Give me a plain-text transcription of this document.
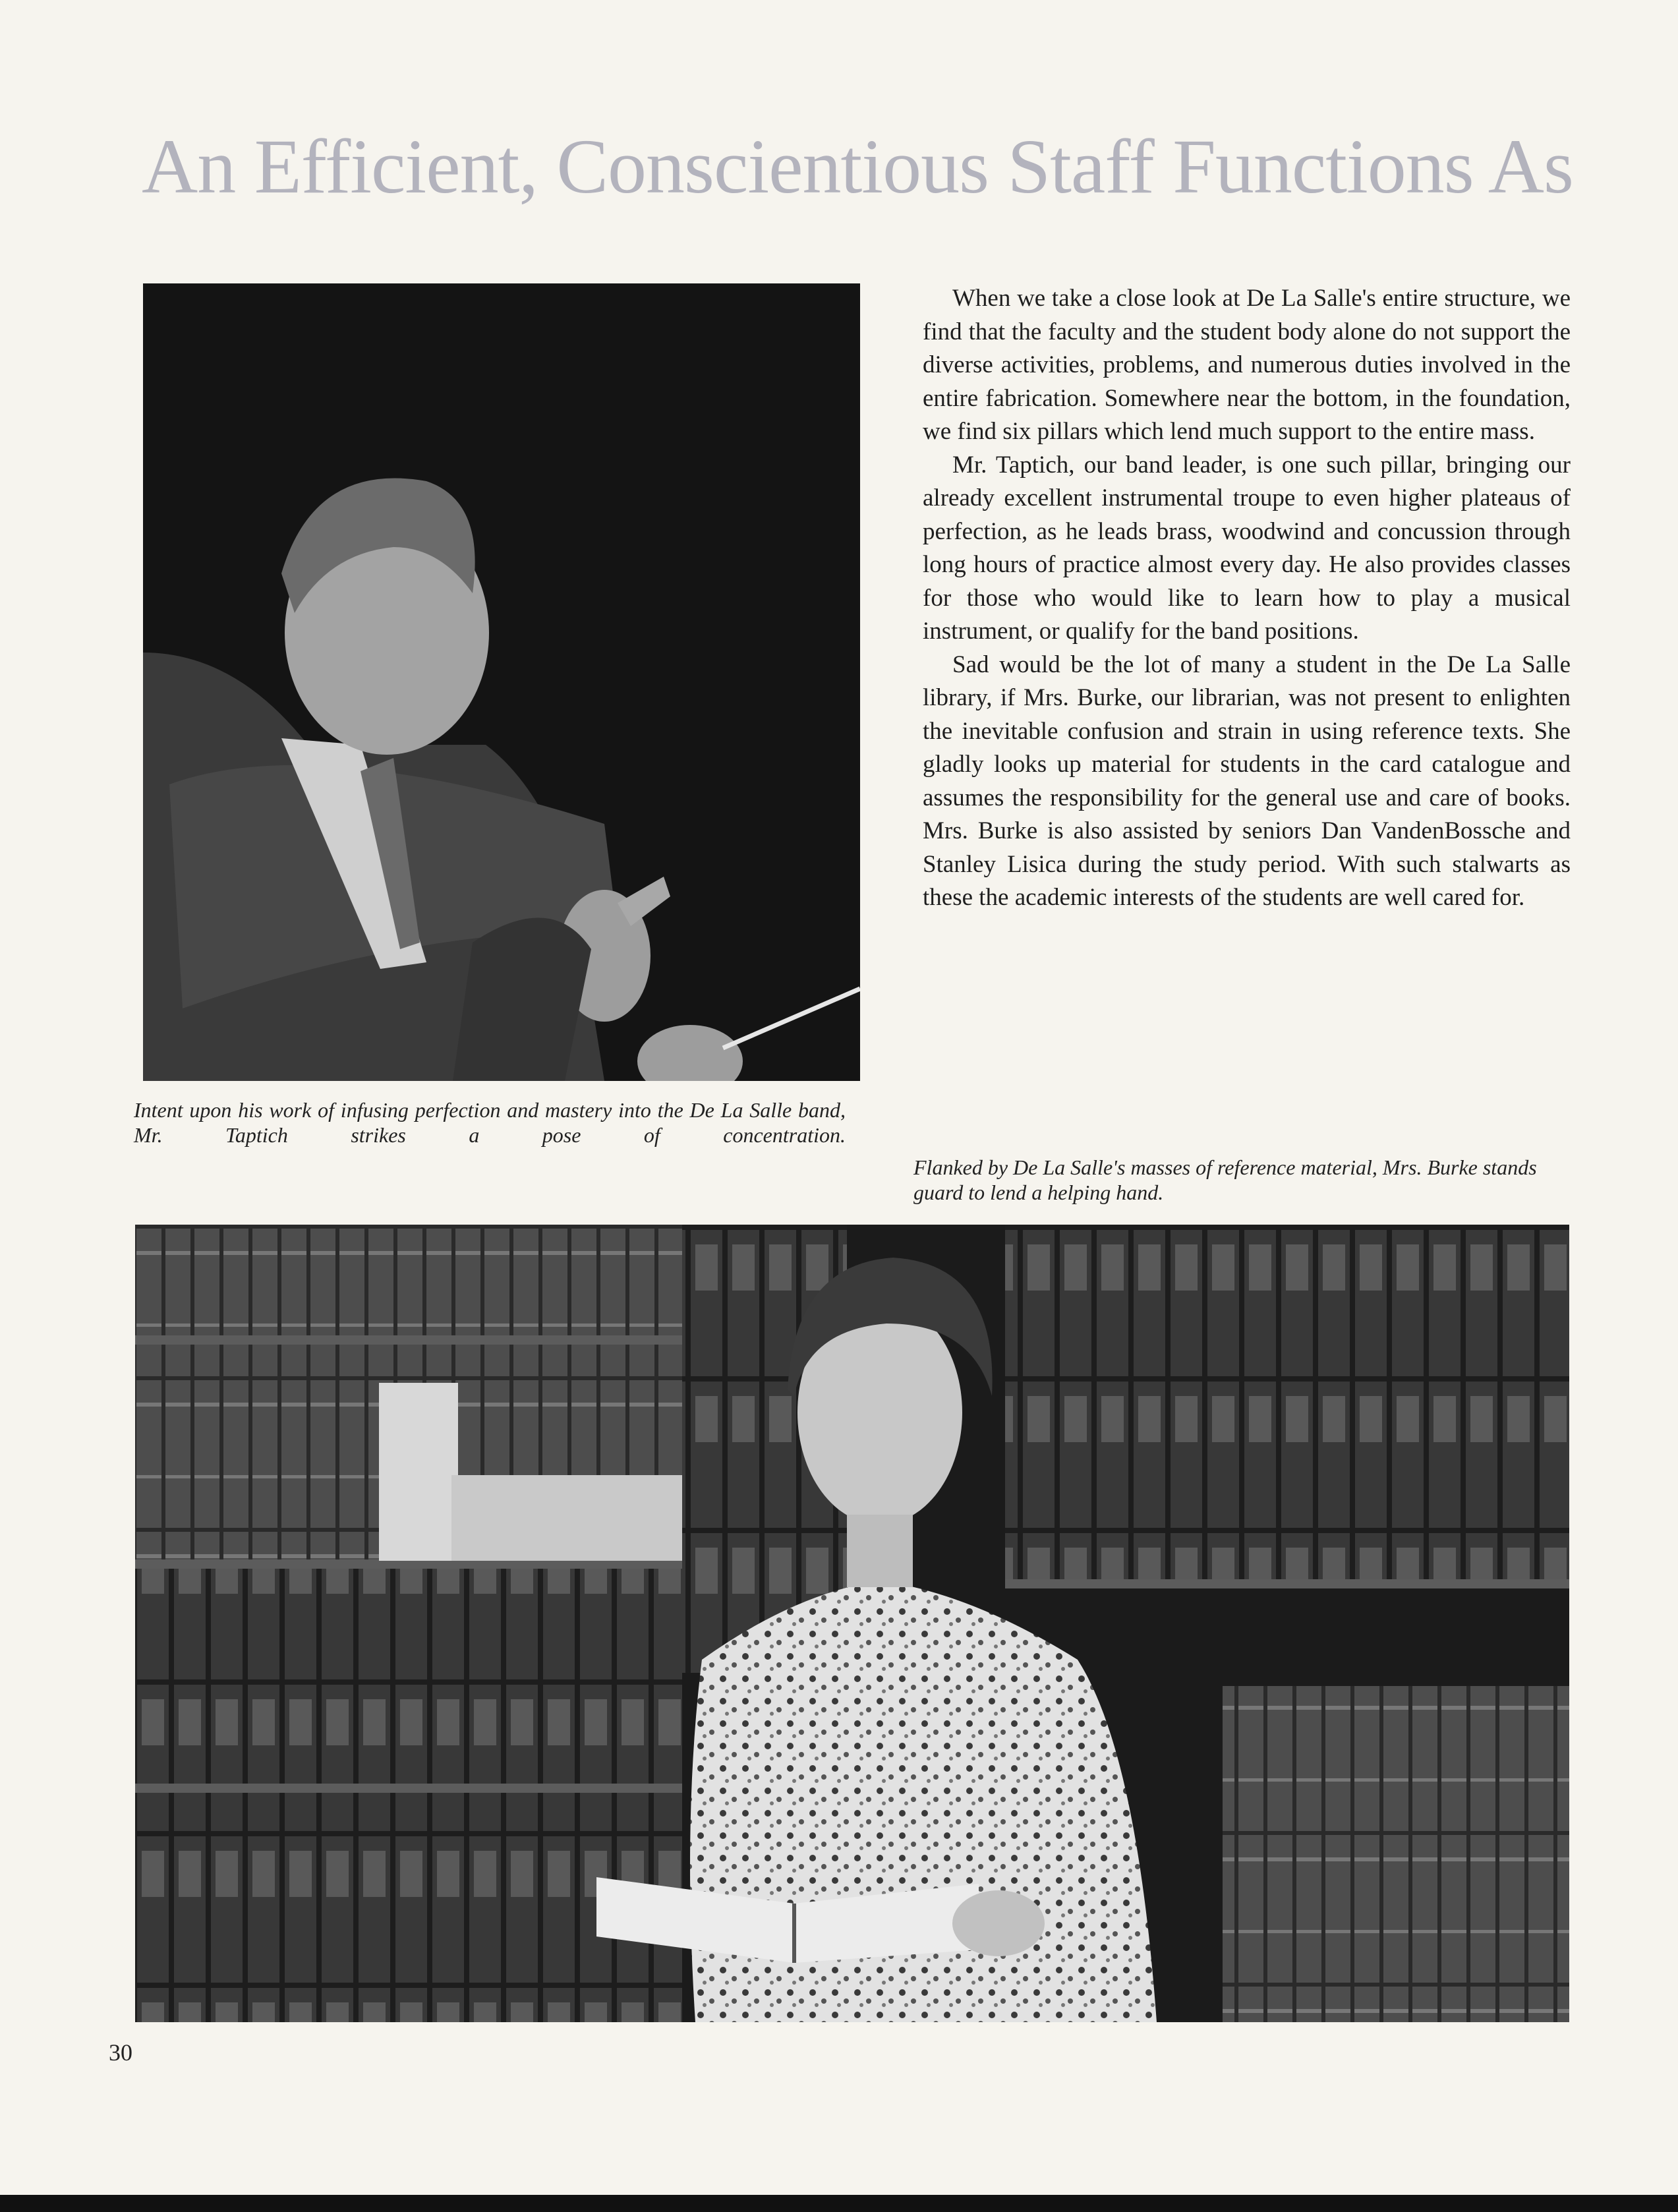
An Efficient, Conscientious Staff Functions As

When we take a close look at De La Salle's entire structure, we find that the faculty and the student body alone do not support the diverse activities, problems, and numerous duties involved in the entire fabrication. Somewhere near the bottom, in the foundation, we find six pillars which lend much support to the entire mass.

Mr. Taptich, our band leader, is one such pillar, bringing our already excellent instrumental troupe to even higher plateaus of perfection, as he leads brass, woodwind and concussion through long hours of practice almost every day. He also provides classes for those who would like to learn how to play a musical instrument, or qualify for the band positions.

Sad would be the lot of many a student in the De La Salle library, if Mrs. Burke, our librarian, was not present to enlighten the inevitable confusion and strain in using reference texts. She gladly looks up material for students in the card catalogue and assumes the responsibility for the general use and care of books. Mrs. Burke is also assisted by seniors Dan VandenBossche and Stanley Lisica during the study period. With such stalwarts as these the academic interests of the students are well cared for.

Intent upon his work of infusing perfection and mastery into the De La Salle band, Mr. Taptich strikes a pose of concentration.

Flanked by De La Salle's masses of reference material, Mrs. Burke stands guard to lend a helping hand.

30
